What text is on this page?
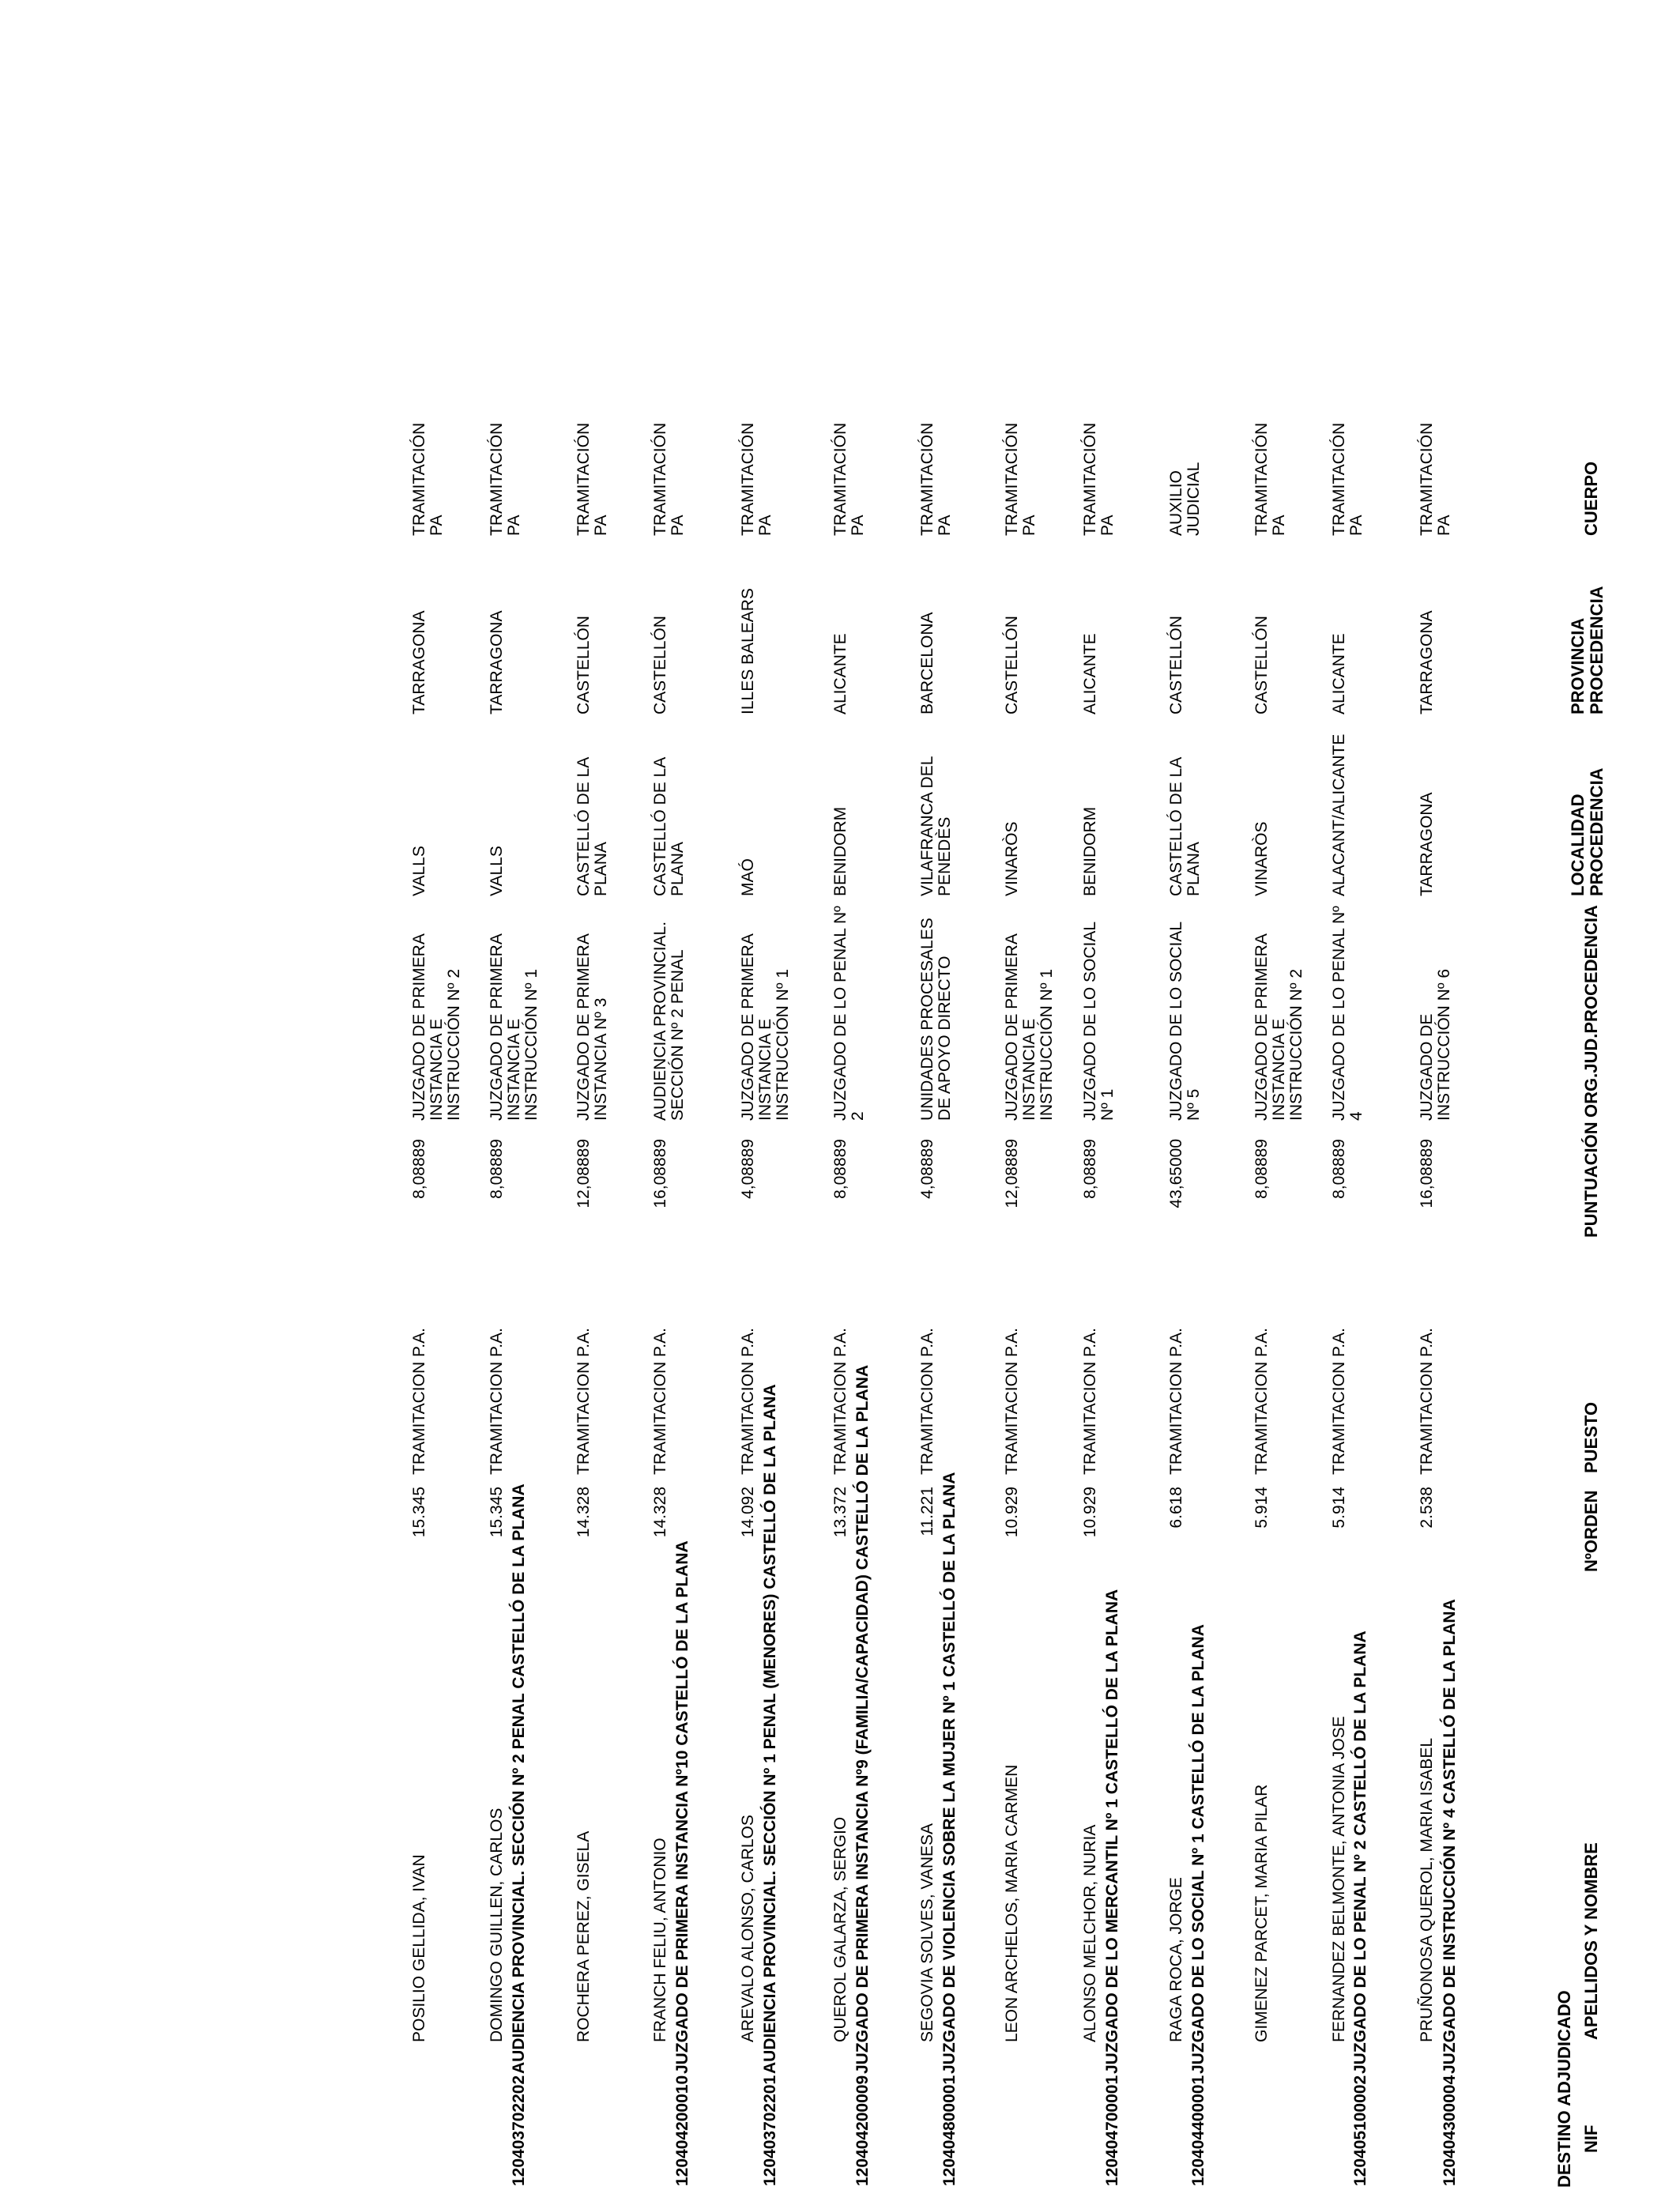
DESTINO ADJUDICADO NIF
APELLIDOS Y NOMBRE
NºORDEN
PUESTO
PUNTUACIÓN
ORG.JUD.PROCEDENCIA
LOCALIDAD PROCEDENCIA
PROVINCIA PROCEDENCIA
CUERPO
120404300004
JUZGADO DE INSTRUCCIÓN Nº 4 CASTELLÓ DE LA PLANA
PRUÑONOSA QUEROL, MARIA ISABEL
2.538
TRAMITACION P.A.
16,08889
JUZGADO DE INSTRUCCIÓN Nº 6
TARRAGONA
TARRAGONA
TRAMITACIÓN PA
120405100002
JUZGADO DE LO PENAL Nº 2 CASTELLÓ DE LA PLANA
FERNANDEZ BELMONTE, ANTONIA JOSE
5.914
TRAMITACION P.A.
8,08889
JUZGADO DE LO PENAL Nº 4
ALACANT/ALICANTE
ALICANTE
TRAMITACIÓN PA
GIMENEZ PARCET, MARIA PILAR
5.914
TRAMITACION P.A.
8,08889
JUZGADO DE PRIMERA INSTANCIA E INSTRUCCIÓN Nº 2
VINARÒS
CASTELLÓN
TRAMITACIÓN PA
120404400001
JUZGADO DE LO SOCIAL Nº 1 CASTELLÓ DE LA PLANA
RAGA ROCA, JORGE
6.618
TRAMITACION P.A.
43,65000
JUZGADO DE LO SOCIAL Nº 5
CASTELLÓ DE LA PLANA
CASTELLÓN
AUXILIO JUDICIAL
120404700001
JUZGADO DE LO MERCANTIL Nº 1 CASTELLÓ DE LA PLANA
ALONSO MELCHOR, NURIA
10.929
TRAMITACION P.A.
8,08889
JUZGADO DE LO SOCIAL Nº 1
BENIDORM
ALICANTE
TRAMITACIÓN PA
LEON ARCHELOS, MARIA CARMEN
10.929
TRAMITACION P.A.
12,08889
JUZGADO DE PRIMERA INSTANCIA E INSTRUCCIÓN Nº 1
VINARÒS
CASTELLÓN
TRAMITACIÓN PA
120404800001
JUZGADO DE VIOLENCIA SOBRE LA MUJER Nº 1 CASTELLÓ DE LA PLANA
SEGOVIA SOLVES, VANESA
11.221
TRAMITACION P.A.
4,08889
UNIDADES PROCESALES DE APOYO DIRECTO
VILAFRANCA DEL PENEDÈS
BARCELONA
TRAMITACIÓN PA
120404200009
JUZGADO DE PRIMERA INSTANCIA Nº9 (FAMILIA/CAPACIDAD) CASTELLÓ DE LA PLANA
QUEROL GALARZA, SERGIO
13.372
TRAMITACION P.A.
8,08889
JUZGADO DE LO PENAL Nº 2
BENIDORM
ALICANTE
TRAMITACIÓN PA
120403702201
AUDIENCIA PROVINCIAL. SECCIÓN Nº 1 PENAL (MENORES) CASTELLÓ DE LA PLANA
AREVALO ALONSO, CARLOS
14.092
TRAMITACION P.A.
4,08889
JUZGADO DE PRIMERA INSTANCIA E INSTRUCCIÓN Nº 1
MAÓ
ILLES BALEARS
TRAMITACIÓN PA
120404200010
JUZGADO DE PRIMERA INSTANCIA Nº10 CASTELLÓ DE LA PLANA
FRANCH FELIU, ANTONIO
14.328
TRAMITACION P.A.
16,08889
AUDIENCIA PROVINCIAL. SECCIÓN Nº 2 PENAL
CASTELLÓ DE LA PLANA
CASTELLÓN
TRAMITACIÓN PA
ROCHERA PEREZ, GISELA
14.328
TRAMITACION P.A.
12,08889
JUZGADO DE PRIMERA INSTANCIA Nº 3
CASTELLÓ DE LA PLANA
CASTELLÓN
TRAMITACIÓN PA
120403702202
AUDIENCIA PROVINCIAL. SECCIÓN Nº 2 PENAL CASTELLÓ DE LA PLANA
DOMINGO GUILLEN, CARLOS
15.345
TRAMITACION P.A.
8,08889
JUZGADO DE PRIMERA INSTANCIA E INSTRUCCIÓN Nº 1
VALLS
TARRAGONA
TRAMITACIÓN PA
POSILIO GELLIDA, IVAN
15.345
TRAMITACION P.A.
8,08889
JUZGADO DE PRIMERA INSTANCIA E INSTRUCCIÓN Nº 2
VALLS
TARRAGONA
TRAMITACIÓN PA
